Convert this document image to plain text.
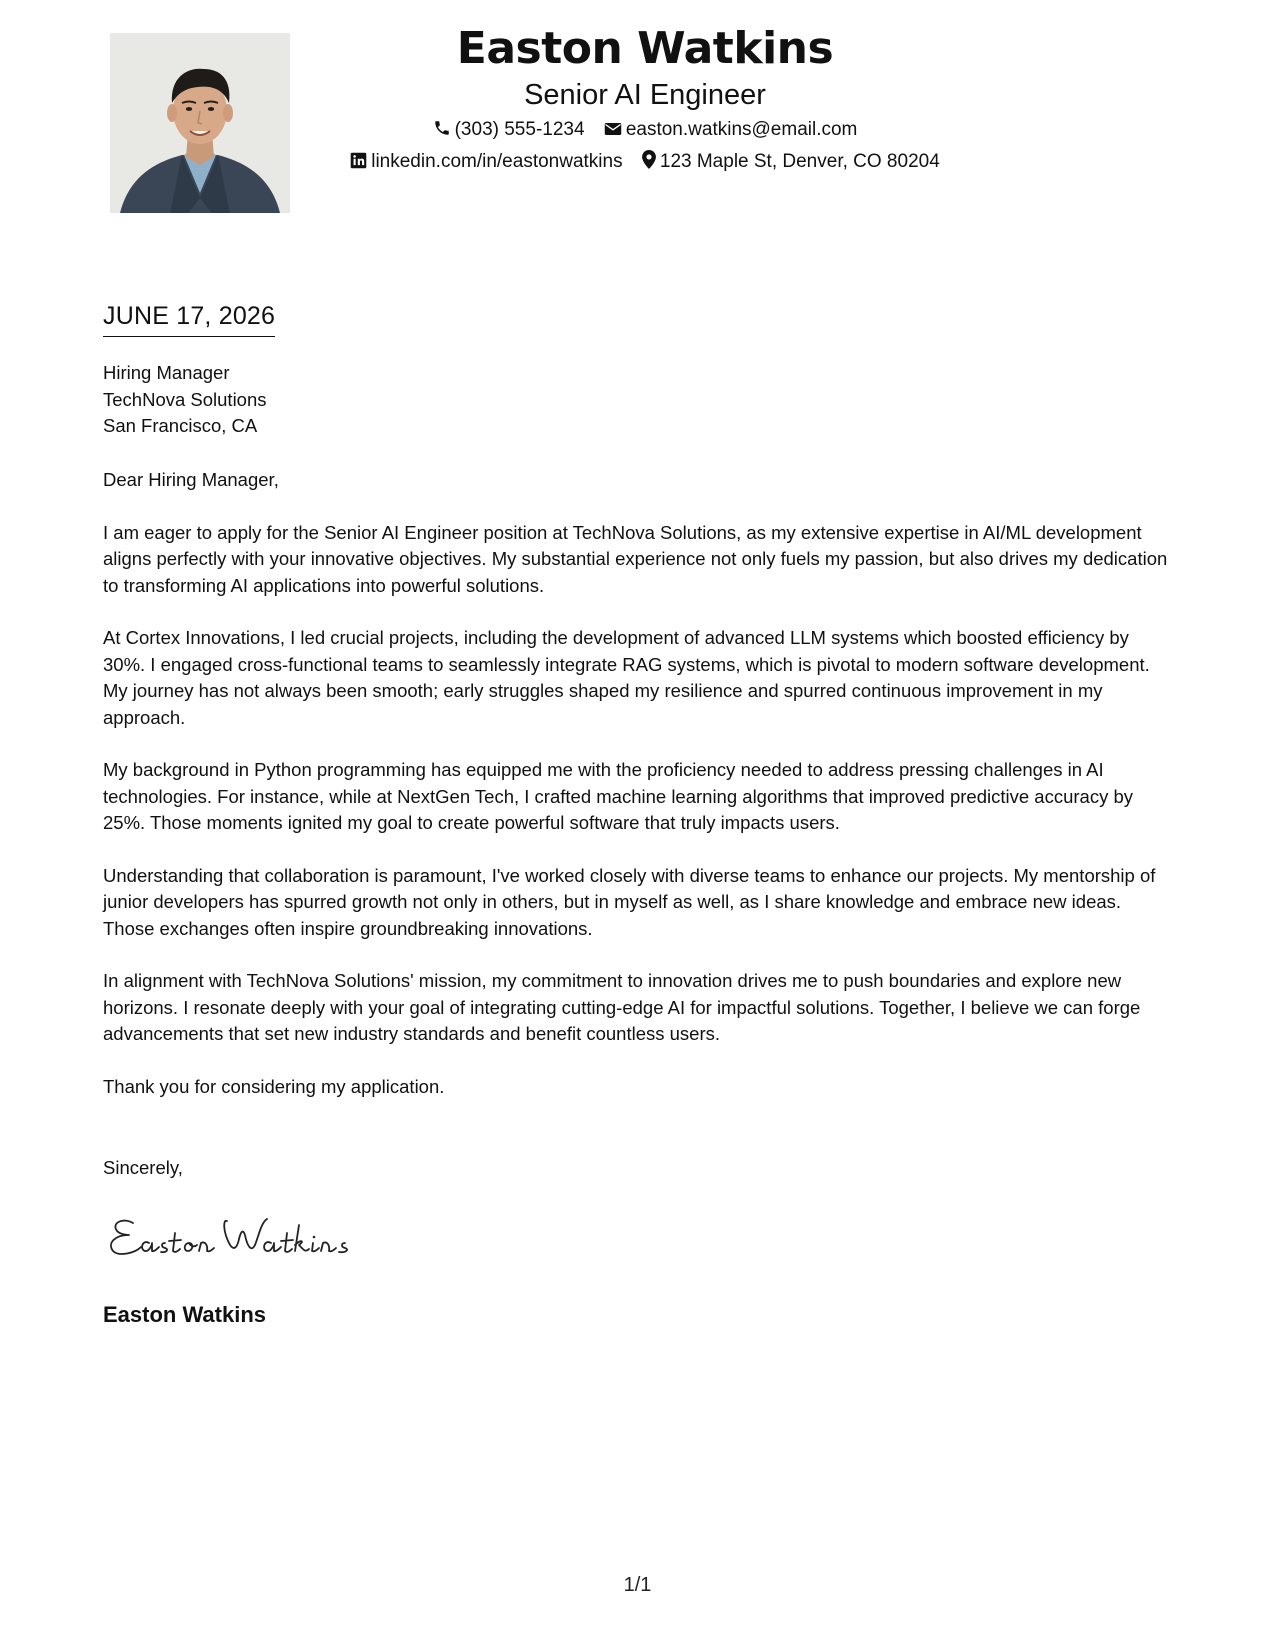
Easton Watkins
Senior AI Engineer
(303) 555-1234 easton.watkins@email.com
linkedin.com/in/eastonwatkins 123 Maple St, Denver, CO 80204
JUNE 17, 2026
Hiring Manager
TechNova Solutions
San Francisco, CA

Dear Hiring Manager,

I am eager to apply for the Senior AI Engineer position at TechNova Solutions, as my extensive expertise in AI/ML development aligns perfectly with your innovative objectives. My substantial experience not only fuels my passion, but also drives my dedication to transforming AI applications into powerful solutions.

At Cortex Innovations, I led crucial projects, including the development of advanced LLM systems which boosted efficiency by 30%. I engaged cross-functional teams to seamlessly integrate RAG systems, which is pivotal to modern software development. My journey has not always been smooth; early struggles shaped my resilience and spurred continuous improvement in my approach.

My background in Python programming has equipped me with the proficiency needed to address pressing challenges in AI technologies. For instance, while at NextGen Tech, I crafted machine learning algorithms that improved predictive accuracy by 25%. Those moments ignited my goal to create powerful software that truly impacts users.

Understanding that collaboration is paramount, I've worked closely with diverse teams to enhance our projects. My mentorship of junior developers has spurred growth not only in others, but in myself as well, as I share knowledge and embrace new ideas. Those exchanges often inspire groundbreaking innovations.

In alignment with TechNova Solutions' mission, my commitment to innovation drives me to push boundaries and explore new horizons. I resonate deeply with your goal of integrating cutting-edge AI for impactful solutions. Together, I believe we can forge advancements that set new industry standards and benefit countless users.

Thank you for considering my application.

Sincerely,
Easton Watkins
1/1
